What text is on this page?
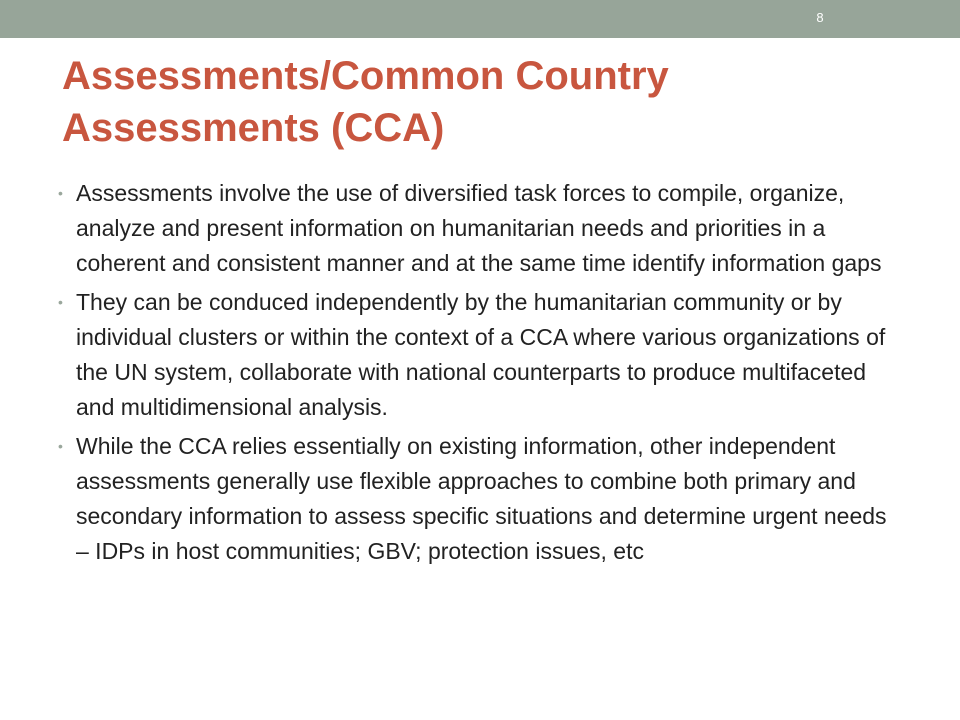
8
Assessments/Common Country
Assessments (CCA)
• Assessments involve the use of diversified task forces to compile, organize, analyze and present information on humanitarian needs and priorities in a coherent and consistent manner and at the same time identify information gaps
• They can be conduced independently by the humanitarian community or by individual clusters or within the context of a CCA where various organizations of the UN system, collaborate with national counterparts to produce multifaceted and multidimensional analysis.
• While the CCA relies essentially on existing information, other independent assessments generally use flexible approaches to combine both primary and secondary information to assess specific situations and determine urgent needs – IDPs in host communities; GBV; protection issues, etc
